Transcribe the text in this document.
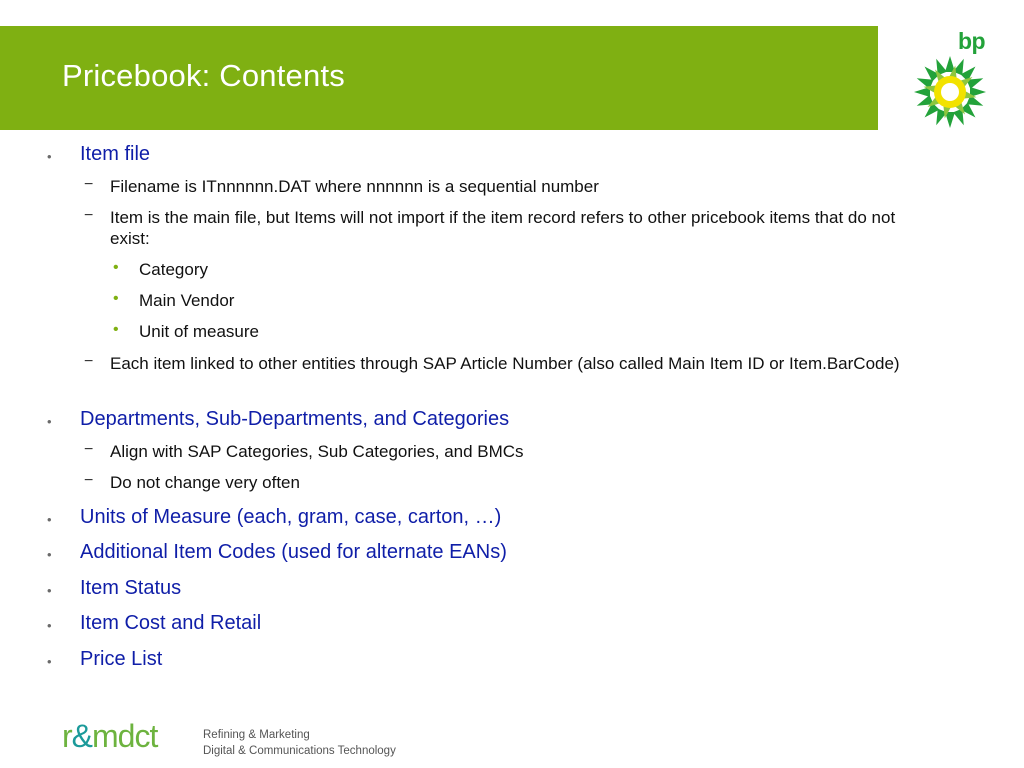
Pricebook: Contents
bp
• Item file

− Filename is ITnnnnnn.DAT where nnnnnn is a sequential number

− Item is the main file, but Items will not import if the item record refers to other pricebook items that do not exist:

• Category

• Main Vendor

• Unit of measure

− Each item linked to other entities through SAP Article Number (also called Main Item ID or Item.BarCode)

• Departments, Sub-Departments, and Categories

− Align with SAP Categories, Sub Categories, and BMCs

− Do not change very often

• Units of Measure (each, gram, case, carton, …)

• Additional Item Codes (used for alternate EANs)

• Item Status

• Item Cost and Retail

• Price List

r&mdct	Refining & Marketing
Digital & Communications Technology
